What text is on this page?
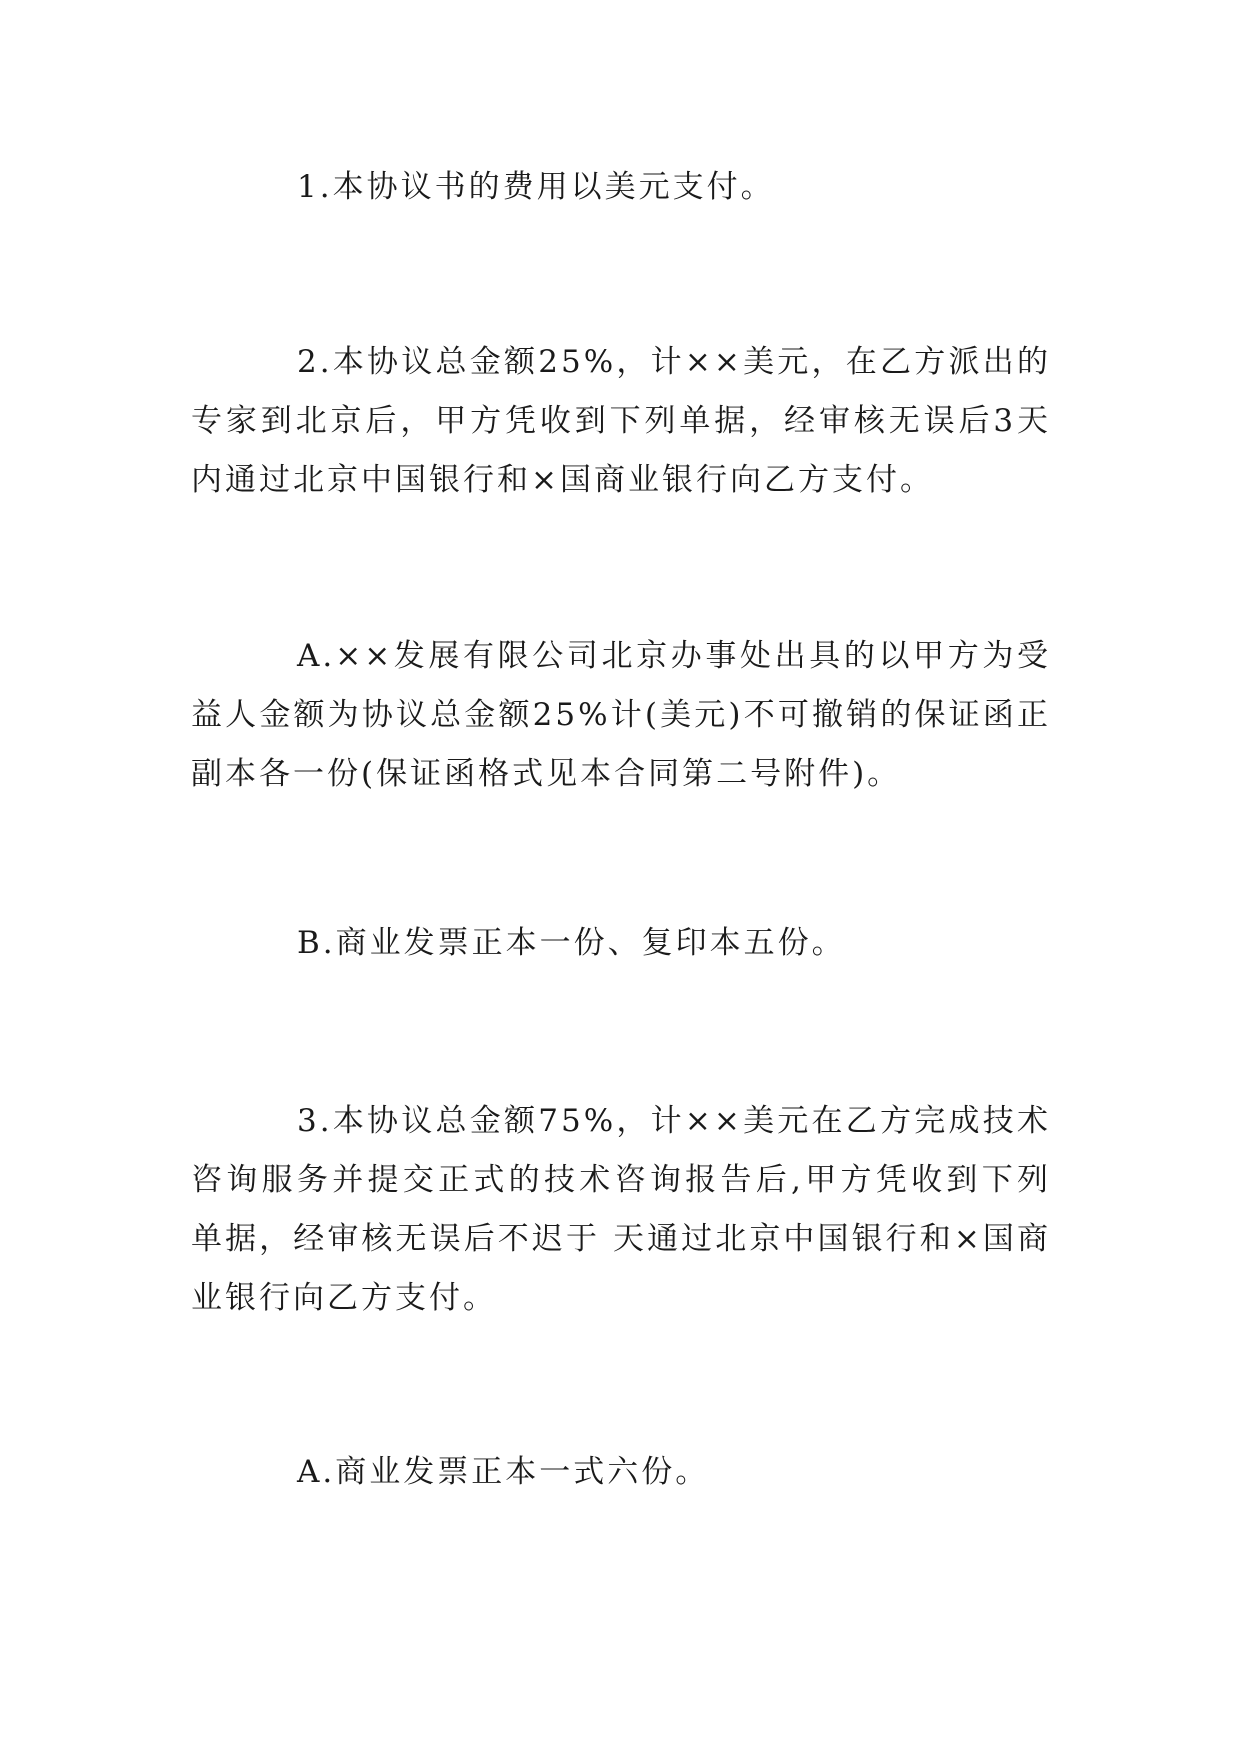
1.本协议书的费用以美元支付。

2.本协议总金额25%，计××美元，在乙方派出的专家到北京后，甲方凭收到下列单据，经审核无误后3天内通过北京中国银行和×国商业银行向乙方支付。

A.××发展有限公司北京办事处出具的以甲方为受益人金额为协议总金额25%计(美元)不可撤销的保证函正副本各一份(保证函格式见本合同第二号附件)。

B.商业发票正本一份、复印本五份。

3.本协议总金额75%，计××美元在乙方完成技术咨询服务并提交正式的技术咨询报告后,甲方凭收到下列单据，经审核无误后不迟于 天通过北京中国银行和×国商业银行向乙方支付。

A.商业发票正本一式六份。
